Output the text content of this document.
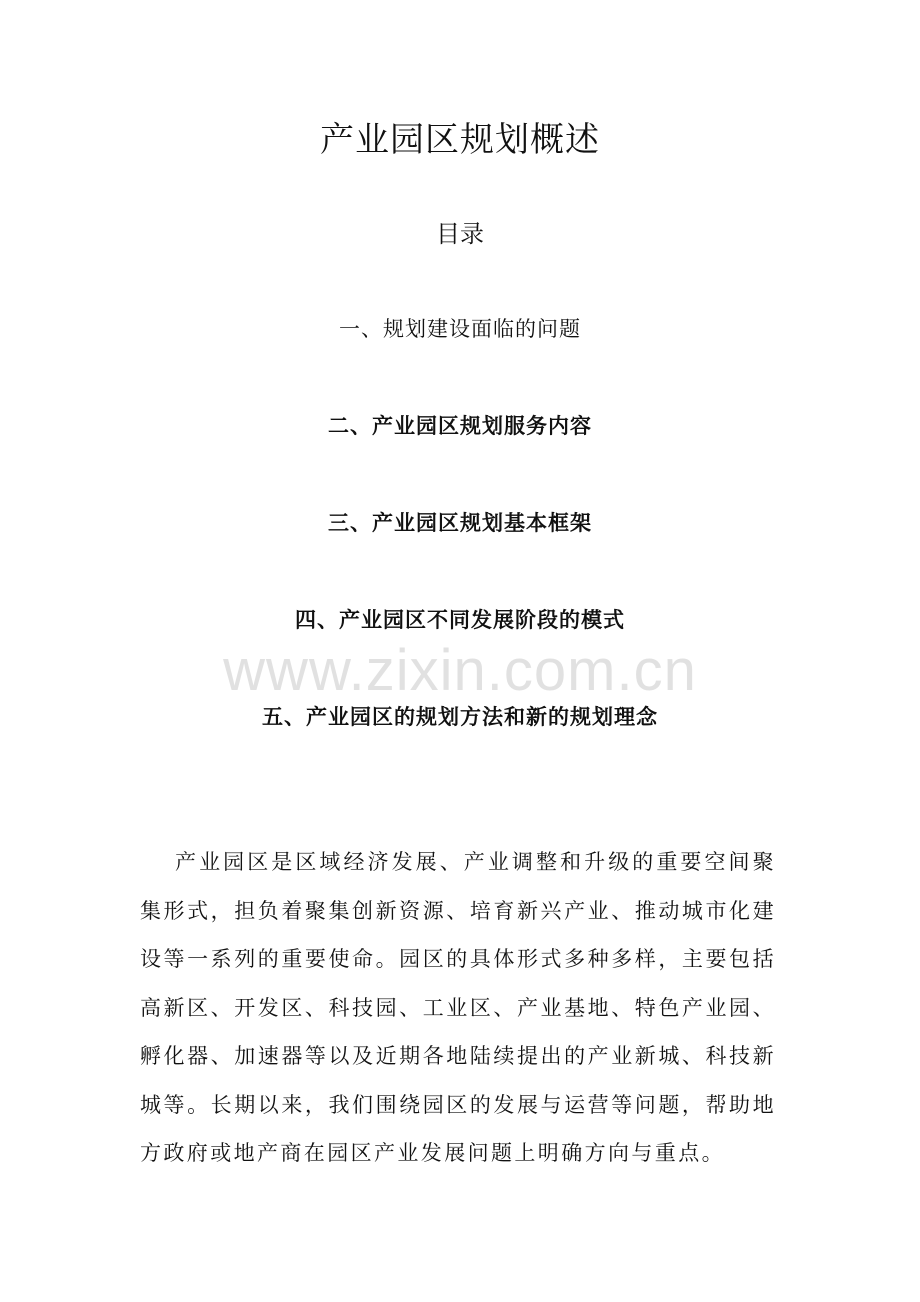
产业园区规划概述
目录
一、规划建设面临的问题
二、产业园区规划服务内容
三、产业园区规划基本框架
四、产业园区不同发展阶段的模式
www.zixin.com.cn
五、产业园区的规划方法和新的规划理念

产业园区是区域经济发展、产业调整和升级的重要空间聚集形式，担负着聚集创新资源、培育新兴产业、推动城市化建设等一系列的重要使命。园区的具体形式多种多样，主要包括高新区、开发区、科技园、工业区、产业基地、特色产业园、孵化器、加速器等以及近期各地陆续提出的产业新城、科技新城等。长期以来，我们围绕园区的发展与运营等问题，帮助地方政府或地产商在园区产业发展问题上明确方向与重点。
